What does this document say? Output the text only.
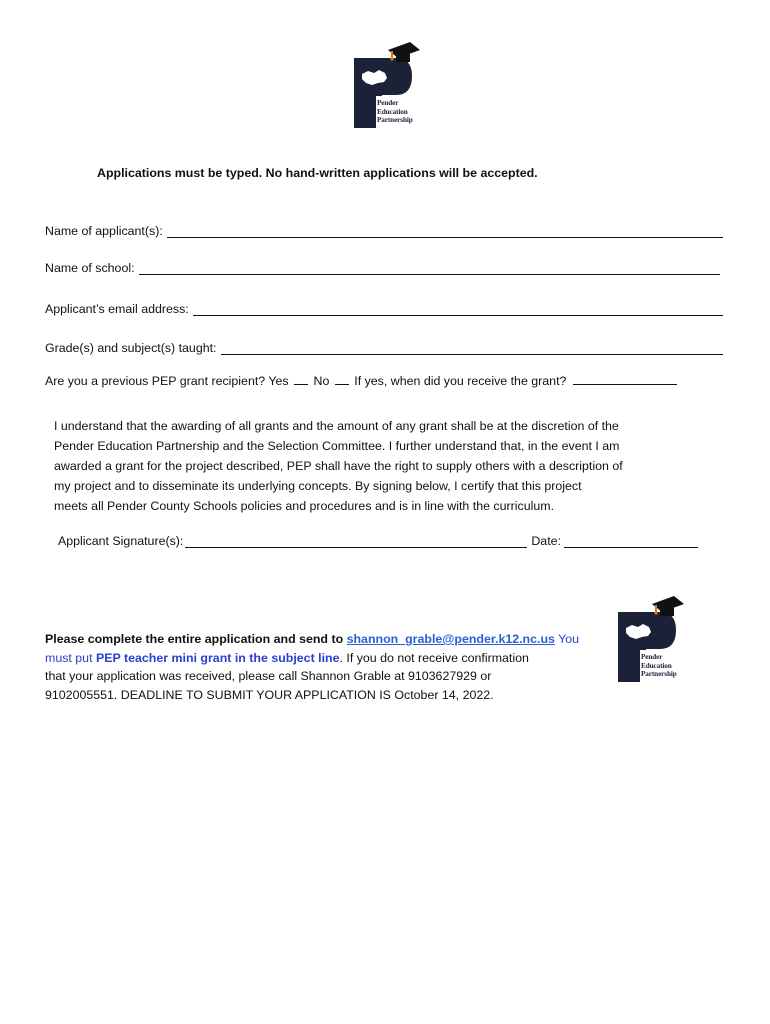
Pender
Education
Partnership
Applications must be typed. No hand-written applications will be accepted.
Name of applicant(s):
Name of school:
Applicant’s email address:
Grade(s) and subject(s) taught:
Are you a previous PEP grant recipient? Yes No If yes, when did you receive the grant?
I understand that the awarding of all grants and the amount of any grant shall be at the discretion of the
Pender Education Partnership and the Selection Committee. I further understand that, in the event I am
awarded a grant for the project described, PEP shall have the right to supply others with a description of
my project and to disseminate its underlying concepts. By signing below, I certify that this project
meets all Pender County Schools policies and procedures and is in line with the curriculum.
Applicant Signature(s):	Date:
Please complete the entire application and send to shannon_grable@pender.k12.nc.us You
must put PEP teacher mini grant in the subject line. If you do not receive confirmation
that your application was received, please call Shannon Grable at 9103627929 or
9102005551. DEADLINE TO SUBMIT YOUR APPLICATION IS October 14, 2022.
Pender
Education
Partnership
